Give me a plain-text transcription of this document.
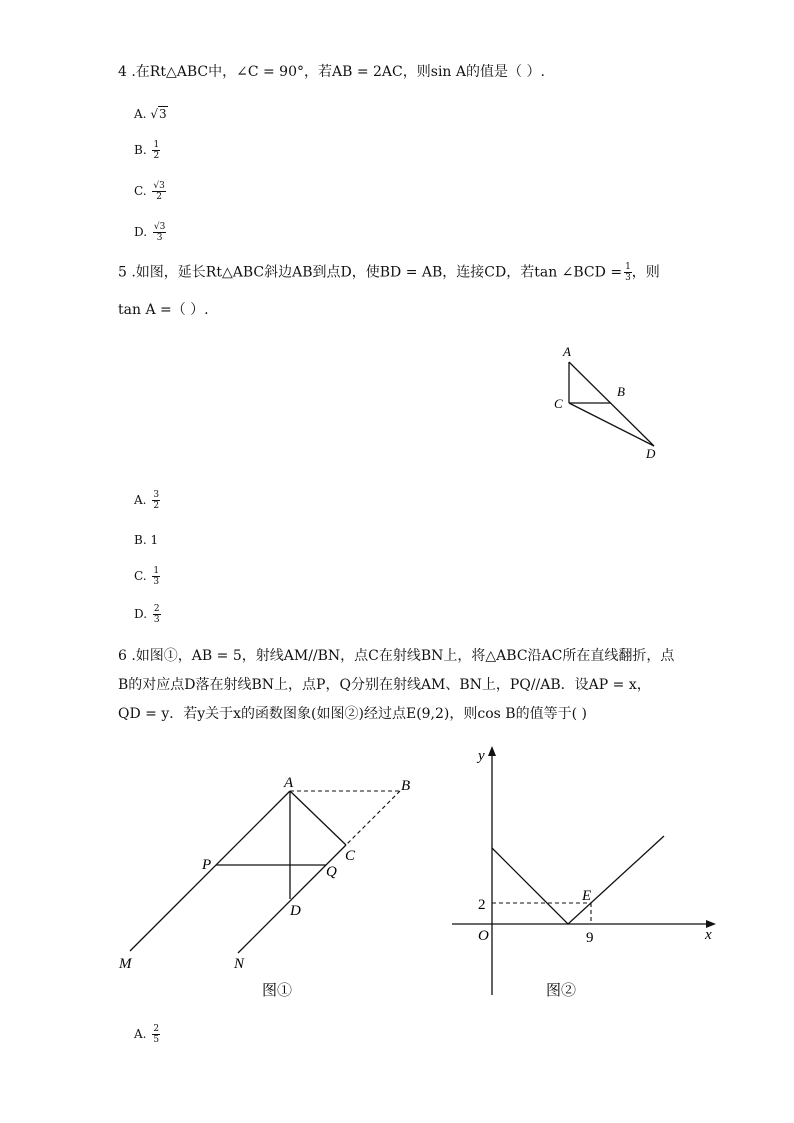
4 .在Rt△ABC中，∠C = 90°，若AB = 2AC，则sin A的值是（ ）.
A. √3
B. $\frac{1}{2}$
C. $\frac{√3}{2}$
D. $\frac{√3}{3}$
5 .如图，延长Rt△ABC斜边AB到点D，使BD = AB，连接CD，若tan ∠BCD = $\frac{1}{3}$ ，则
tan A =（ ）.
A
B
C
D
A. $\frac{3}{2}$
B. 1
C. $\frac{1}{3}$
D. $\frac{2}{3}$
6 .如图①，AB = 5，射线AM//BN，点C在射线BN上，将△ABC沿AC所在直线翻折，点
B的对应点D落在射线BN上，点P，Q分别在射线AM、BN上，PQ//AB．设AP = x，
QD = y．若y关于x的函数图象(如图②)经过点E(9,2)，则cos B的值等于( )
A	B
C
P	Q
D
M	N
图①
y
x
O
2
9
E
图②
A. $\frac{2}{5}$
